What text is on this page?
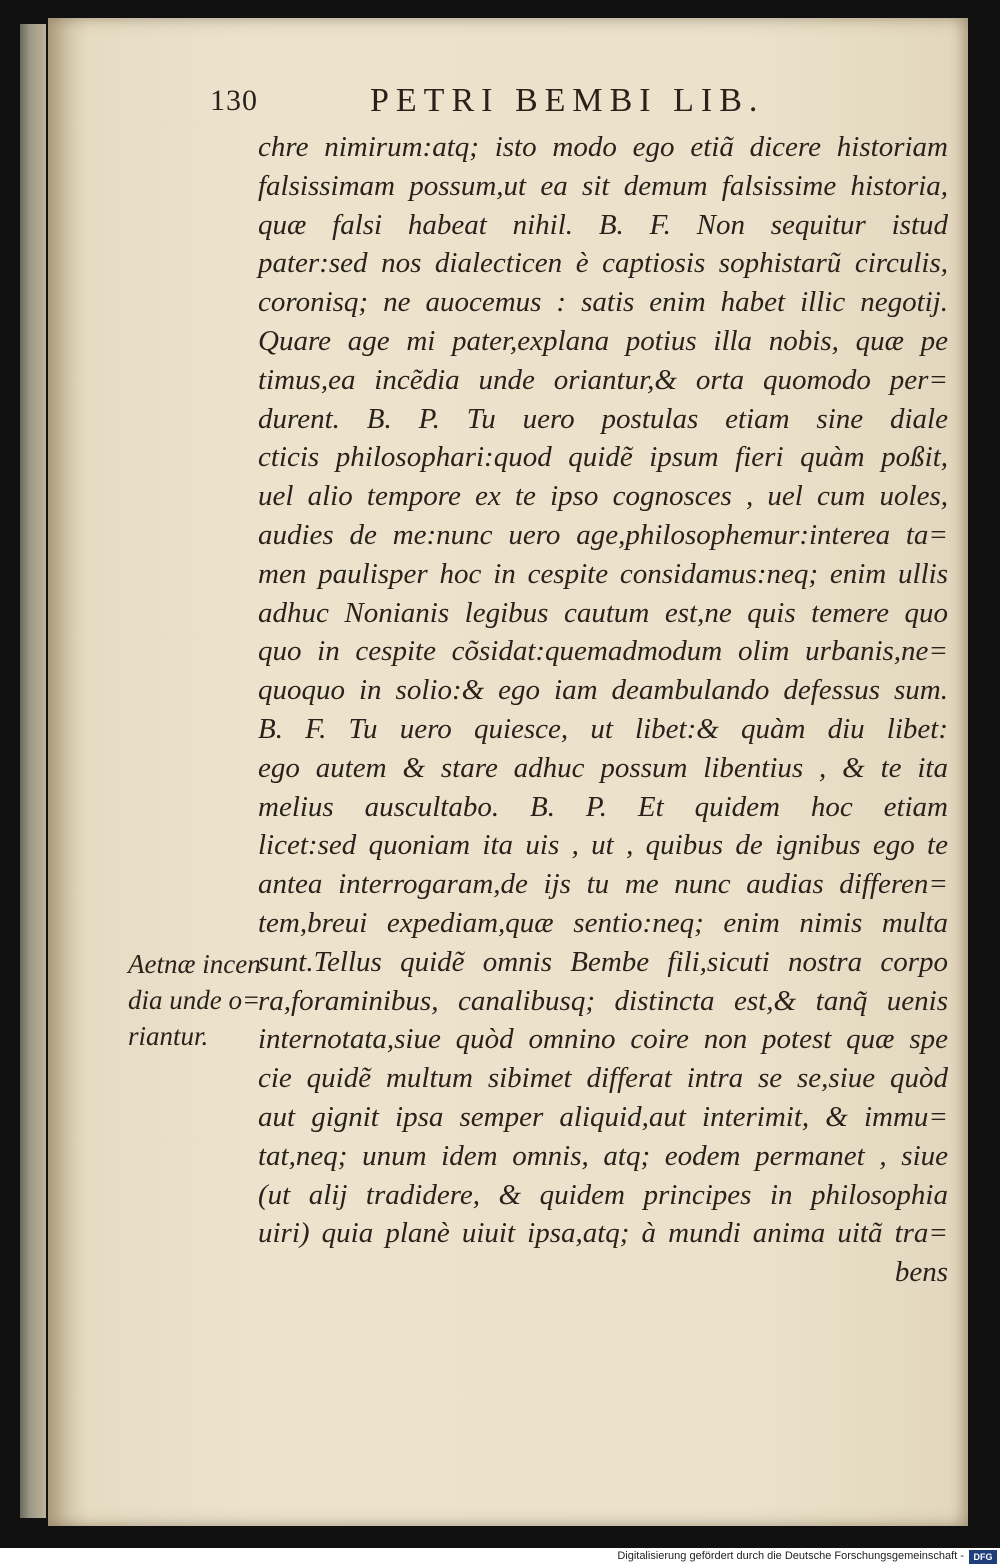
130	PETRI BEMBI LIB.
chre nimirum:atq; isto modo ego etiã dicere historiam
falsissimam possum,ut ea sit demum falsissime historia,
quæ falsi habeat nihil. B. F. Non sequitur istud
pater:sed nos dialecticen è captiosis sophistarũ circulis,
coronisq; ne auocemus : satis enim habet illic negotij.
Quare age mi pater,explana potius illa nobis, quæ pe
timus,ea incẽdia unde oriantur,& orta quomodo per=
durent. B. P. Tu uero postulas etiam sine diale
cticis philosophari:quod quidẽ ipsum fieri quàm poßit,
uel alio tempore ex te ipso cognosces , uel cum uoles,
audies de me:nunc uero age,philosophemur:interea ta=
men paulisper hoc in cespite considamus:neq; enim ullis
adhuc Nonianis legibus cautum est,ne quis temere quo
quo in cespite cõsidat:quemadmodum olim urbanis,ne=
quoquo in solio:& ego iam deambulando defessus sum.
B. F. Tu uero quiesce, ut libet:& quàm diu libet:
ego autem & stare adhuc possum libentius , & te ita
melius auscultabo. B. P. Et quidem hoc etiam
licet:sed quoniam ita uis , ut , quibus de ignibus ego te
antea interrogaram,de ijs tu me nunc audias differen=
tem,breui expediam,quæ sentio:neq; enim nimis multa
sunt.Tellus quidẽ omnis Bembe fili,sicuti nostra corpo
ra,foraminibus, canalibusq; distincta est,& tanq̃ uenis
internotata,siue quòd omnino coire non potest quæ spe
cie quidẽ multum sibimet differat intra se se,siue quòd
aut gignit ipsa semper aliquid,aut interimit, & immu=
tat,neq; unum idem omnis, atq; eodem permanet , siue
(ut alij tradidere, & quidem principes in philosophia
uiri) quia planè uiuit ipsa,atq; à mundi anima uitã tra=
bens
Aetnæ incen
dia unde o=
riantur.
Digitalisierung gefördert durch die Deutsche Forschungsgemeinschaft -	DFG
